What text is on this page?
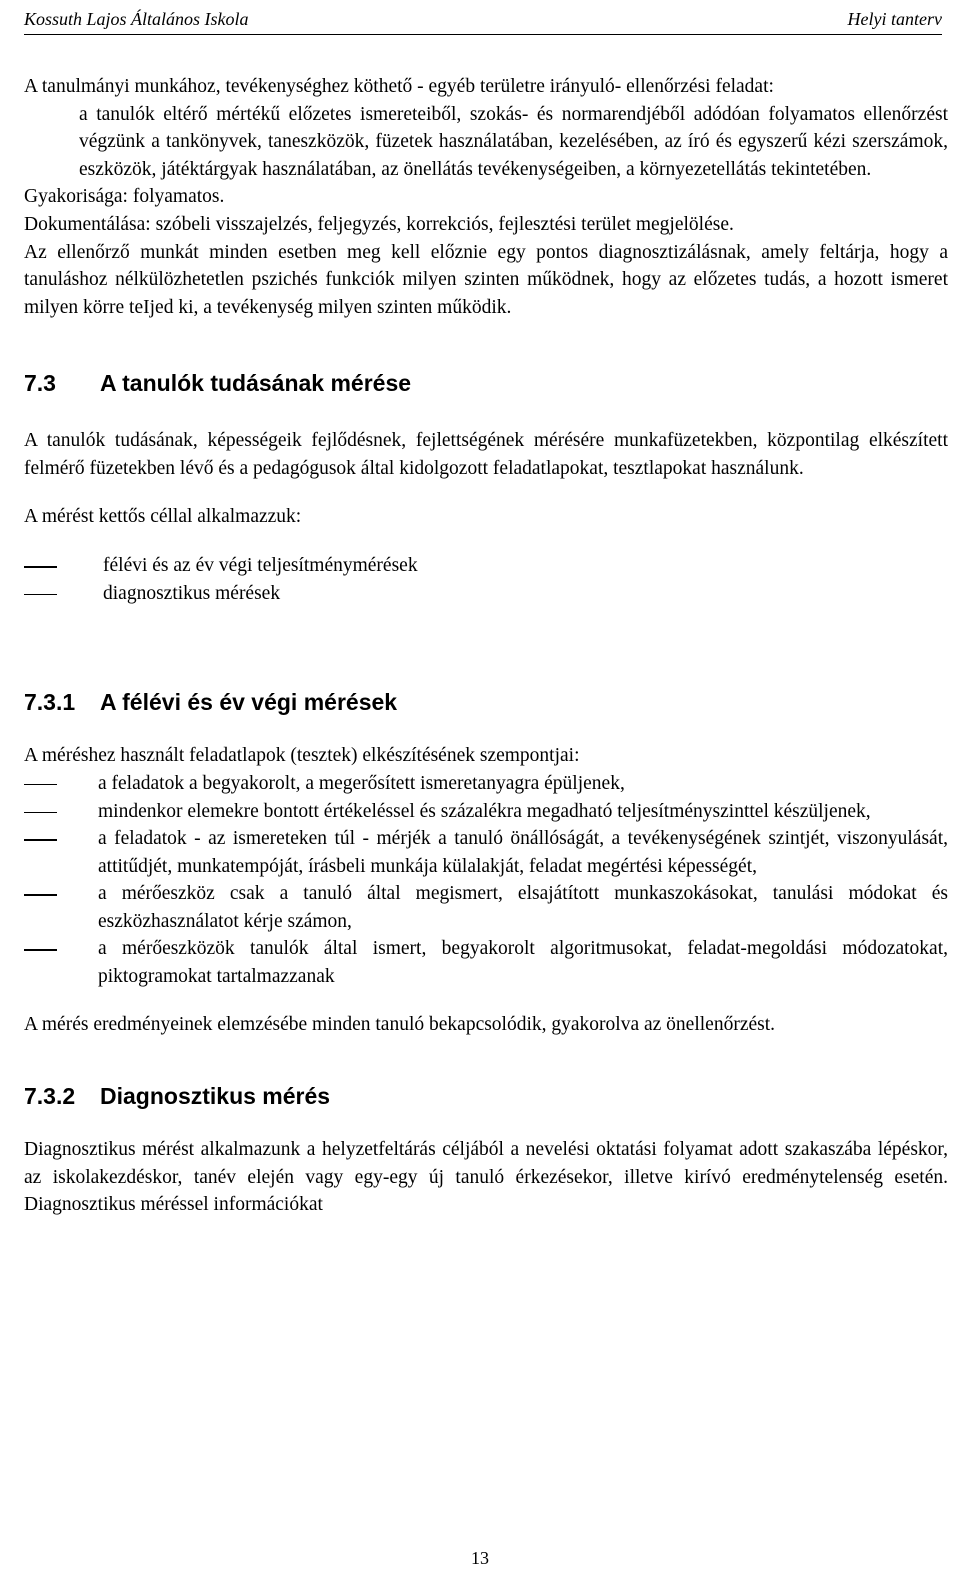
Kossuth Lajos Általános Iskola	Helyi tanterv

A tanulmányi munkához, tevékenységhez köthető - egyéb területre irányuló- ellenőrzési feladat:

a tanulók eltérő mértékű előzetes ismereteiből, szokás- és normarendjéből adódóan folyamatos ellenőrzést végzünk a tankönyvek, taneszközök, füzetek használatában, kezelésében, az író és egyszerű kézi szerszámok, eszközök, játéktárgyak használatában, az önellátás tevékenységeiben, a környezetellátás tekintetében.

Gyakorisága: folyamatos.

Dokumentálása: szóbeli visszajelzés, feljegyzés, korrekciós, fejlesztési terület megjelölése.

Az ellenőrző munkát minden esetben meg kell előznie egy pontos diagnosztizálásnak, amely feltárja, hogy a tanuláshoz nélkülözhetetlen pszichés funkciók milyen szinten működnek, hogy az előzetes tudás, a hozott ismeret milyen körre teIjed ki, a tevékenység milyen szinten működik.

7.3 A tanulók tudásának mérése

A tanulók tudásának, képességeik fejlődésnek, fejlettségének mérésére munkafüzetekben, központilag elkészített felmérő füzetekben lévő és a pedagógusok által kidolgozott feladatlapokat, tesztlapokat használunk.

A mérést kettős céllal alkalmazzuk:

félévi és az év végi teljesítménymérések
diagnosztikus mérések
7.3.1 A félévi és év végi mérések

A méréshez használt feladatlapok (tesztek) elkészítésének szempontjai:

a feladatok a begyakorolt, a megerősített ismeretanyagra épüljenek,
mindenkor elemekre bontott értékeléssel és százalékra megadható teljesítményszinttel készüljenek,
a feladatok - az ismereteken túl - mérjék a tanuló önállóságát, a tevékenységének szintjét, viszonyulását, attitűdjét, munkatempóját, írásbeli munkája külalakját, feladat megértési képességét,
a mérőeszköz csak a tanuló által megismert, elsajátított munkaszokásokat, tanulási módokat és eszközhasználatot kérje számon,
a mérőeszközök tanulók által ismert, begyakorolt algoritmusokat, feladat-megoldási módozatokat, piktogramokat tartalmazzanak

A mérés eredményeinek elemzésébe minden tanuló bekapcsolódik, gyakorolva az önellenőrzést.

7.3.2 Diagnosztikus mérés

Diagnosztikus mérést alkalmazunk a helyzetfeltárás céljából a nevelési oktatási folyamat adott szakaszába lépéskor, az iskolakezdéskor, tanév elején vagy egy-egy új tanuló érkezésekor, illetve kirívó eredménytelenség esetén. Diagnosztikus méréssel információkat

13
